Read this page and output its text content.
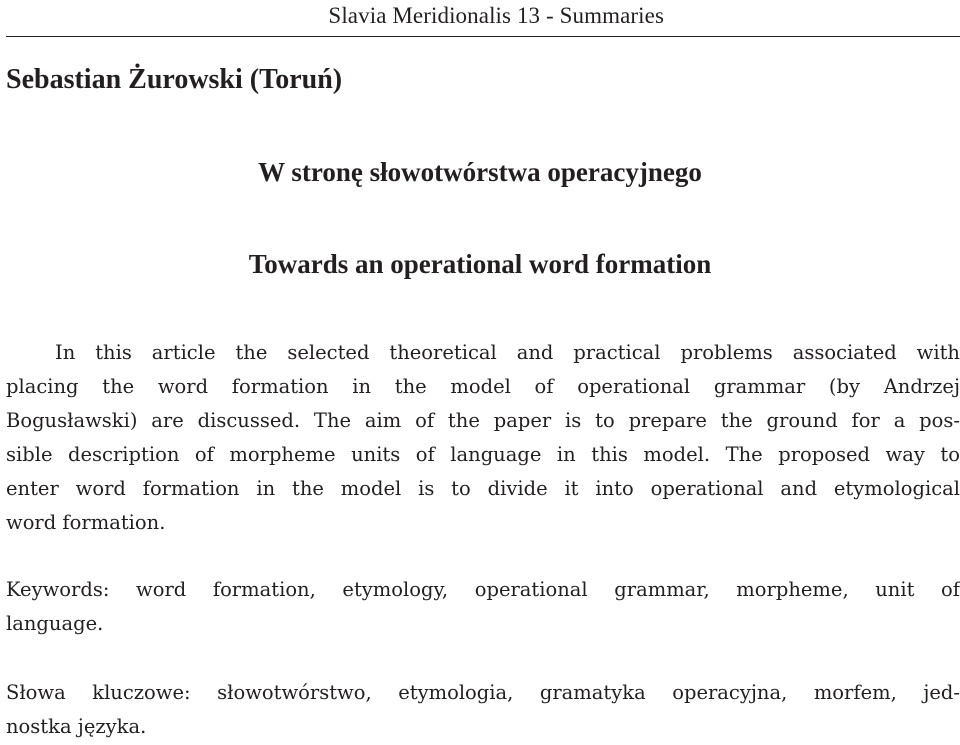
Slavia Meridionalis 13 - Summaries
Sebastian Żurowski (Toruń)
W stronę słowotwórstwa operacyjnego
Towards an operational word formation
In this article the selected theoretical and practical problems associated with
placing the word formation in the model of operational grammar (by Andrzej
Bogusławski) are discussed. The aim of the paper is to prepare the ground for a pos-
sible description of morpheme units of language in this model. The proposed way to
enter word formation in the model is to divide it into operational and etymological
word formation.
Keywords: word formation, etymology, operational grammar, morpheme, unit of
language.
Słowa kluczowe: słowotwórstwo, etymologia, gramatyka operacyjna, morfem, jed-
nostka języka.
